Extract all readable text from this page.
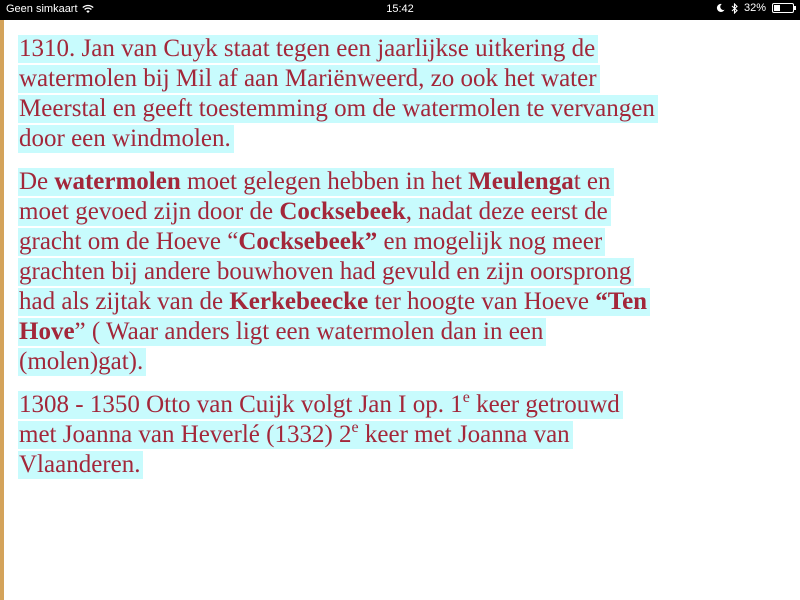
Geen simkaart	15:42	32%
1310. Jan van Cuyk staat tegen een jaarlijkse uitkering de
watermolen bij Mil af aan Mariënweerd, zo ook het water
Meerstal en geeft toestemming om de watermolen te vervangen
door een windmolen.
De watermolen moet gelegen hebben in het Meulengat en
moet gevoed zijn door de Cocksebeek, nadat deze eerst de
gracht om de Hoeve “Cocksebeek” en mogelijk nog meer
grachten bij andere bouwhoven had gevuld en zijn oorsprong
had als zijtak van de Kerkebeecke ter hoogte van Hoeve “Ten
Hove” ( Waar anders ligt een watermolen dan in een
(molen)gat).
1308 - 1350 Otto van Cuijk volgt Jan I op. 1e keer getrouwd
met Joanna van Heverlé (1332) 2e keer met Joanna van
Vlaanderen.
